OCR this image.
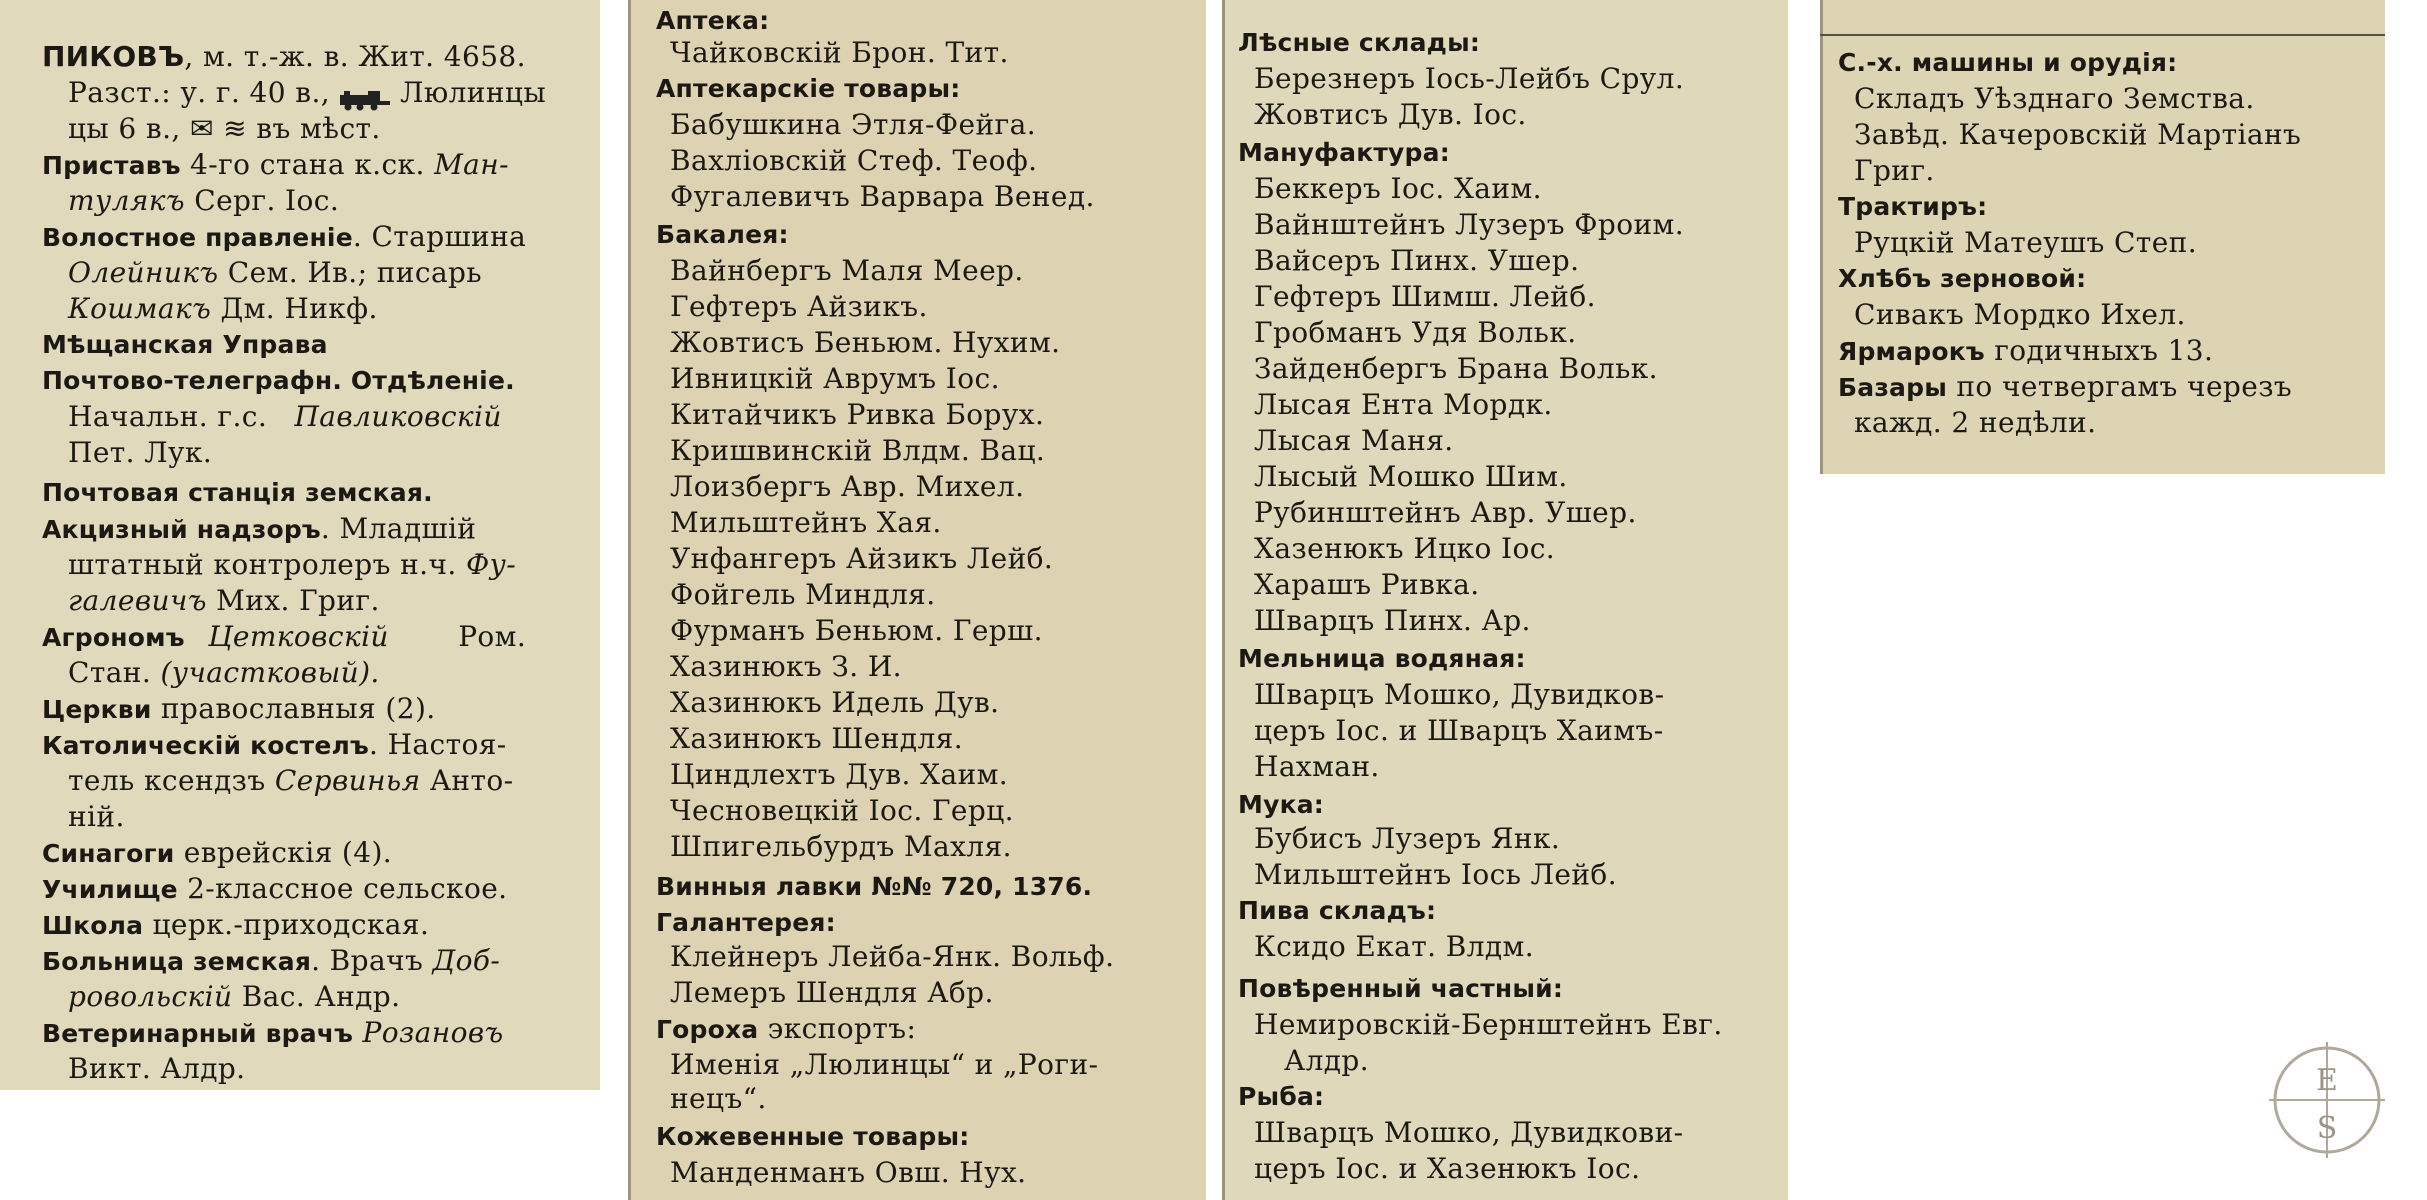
ПИКОВЪ, м. т.-ж. в. Жит. 4658.
Разст.: у. г. 40 в.,	Люлинцы
цы 6 в., ✉ ≋ въ мѣст.
Приставъ 4-го стана к.ск. Ман-
тулякъ Серг. Іос.
Волостное правленіе. Старшина
Олейникъ Сем. Ив.; писарь
Кошмакъ Дм. Никф.
Мѣщанская Управа
Почтово-телеграфн. Отдѣленіе.
Начальн. г.с. Павликовскій
Пет. Лук.
Почтовая станція земская.
Акцизный надзоръ. Младшій
штатный контролеръ н.ч. Фу-
галевичъ Мих. Григ.
Агрономъ Цетковскій Ром.
Стан. (участковый).
Церкви православныя (2).
Католическій костелъ. Настоя-
тель ксендзъ Сервинья Анто-
ній.
Синагоги еврейскія (4).
Училище 2-классное сельское.
Школа церк.-приходская.
Больница земская. Врачъ Доб-
ровольскій Вас. Андр.
Ветеринарный врачъ Розановъ
Викт. Алдр.
Аптека:
Чайковскій Брон. Тит.
Аптекарскіе товары:
Бабушкина Этля-Фейга.
Вахлiовскій Стеф. Теоф.
Фугалевичъ Варвара Венед.
Бакалея:
Вайнбергъ Маля Меер.
Гефтеръ Айзикъ.
Жовтисъ Беньюм. Нухим.
Ивницкій Аврумъ Іос.
Китайчикъ Ривка Борух.
Кришвинскій Влдм. Вац.
Лоизбергъ Авр. Михел.
Мильштейнъ Хая.
Унфангеръ Айзикъ Лейб.
Фойгель Миндля.
Фурманъ Беньюм. Герш.
Хазинюкъ З. И.
Хазинюкъ Идель Дув.
Хазинюкъ Шендля.
Циндлехтъ Дув. Хаим.
Чесновецкій Іос. Герц.
Шпигельбурдъ Махля.
Винныя лавки №№ 720, 1376.
Галантерея:
Клейнеръ Лейба-Янк. Вольф.
Лемеръ Шендля Абр.
Гороха экспортъ:
Именія „Люлинцы“ и „Роги-
нецъ“.
Кожевенные товары:
Манденманъ Овш. Нух.
Лѣсные склады:
Березнеръ Іось-Лейбъ Срул.
Жовтисъ Дув. Іос.
Мануфактура:
Беккеръ Іос. Хаим.
Вайнштейнъ Лузеръ Фроим.
Вайсеръ Пинх. Ушер.
Гефтеръ Шимш. Лейб.
Гробманъ Удя Вольк.
Зайденбергъ Брана Вольк.
Лысая Ента Мордк.
Лысая Маня.
Лысый Мошко Шим.
Рубинштейнъ Авр. Ушер.
Хазенюкъ Ицко Іос.
Харашъ Ривка.
Шварцъ Пинх. Ар.
Мельница водяная:
Шварцъ Мошко, Дувидков-
церъ Іос. и Шварцъ Хаимъ-
Нахман.
Мука:
Бубисъ Лузеръ Янк.
Мильштейнъ Іось Лейб.
Пива складъ:
Ксидо Екат. Влдм.
Повѣренный частный:
Немировскій-Бернштейнъ Евг.
Алдр.
Рыба:
Шварцъ Мошко, Дувидкови-
церъ Іос. и Хазенюкъ Іос.
С.-х. машины и орудія:
Складъ Уѣзднаго Земства.
Завѣд. Качеровскій Мартіанъ
Григ.
Трактиръ:
Руцкій Матеушъ Степ.
Хлѣбъ зерновой:
Сивакъ Мордко Ихел.
Ярмарокъ годичныхъ 13.
Базары по четвергамъ черезъ
кажд. 2 недѣли.
E
S
